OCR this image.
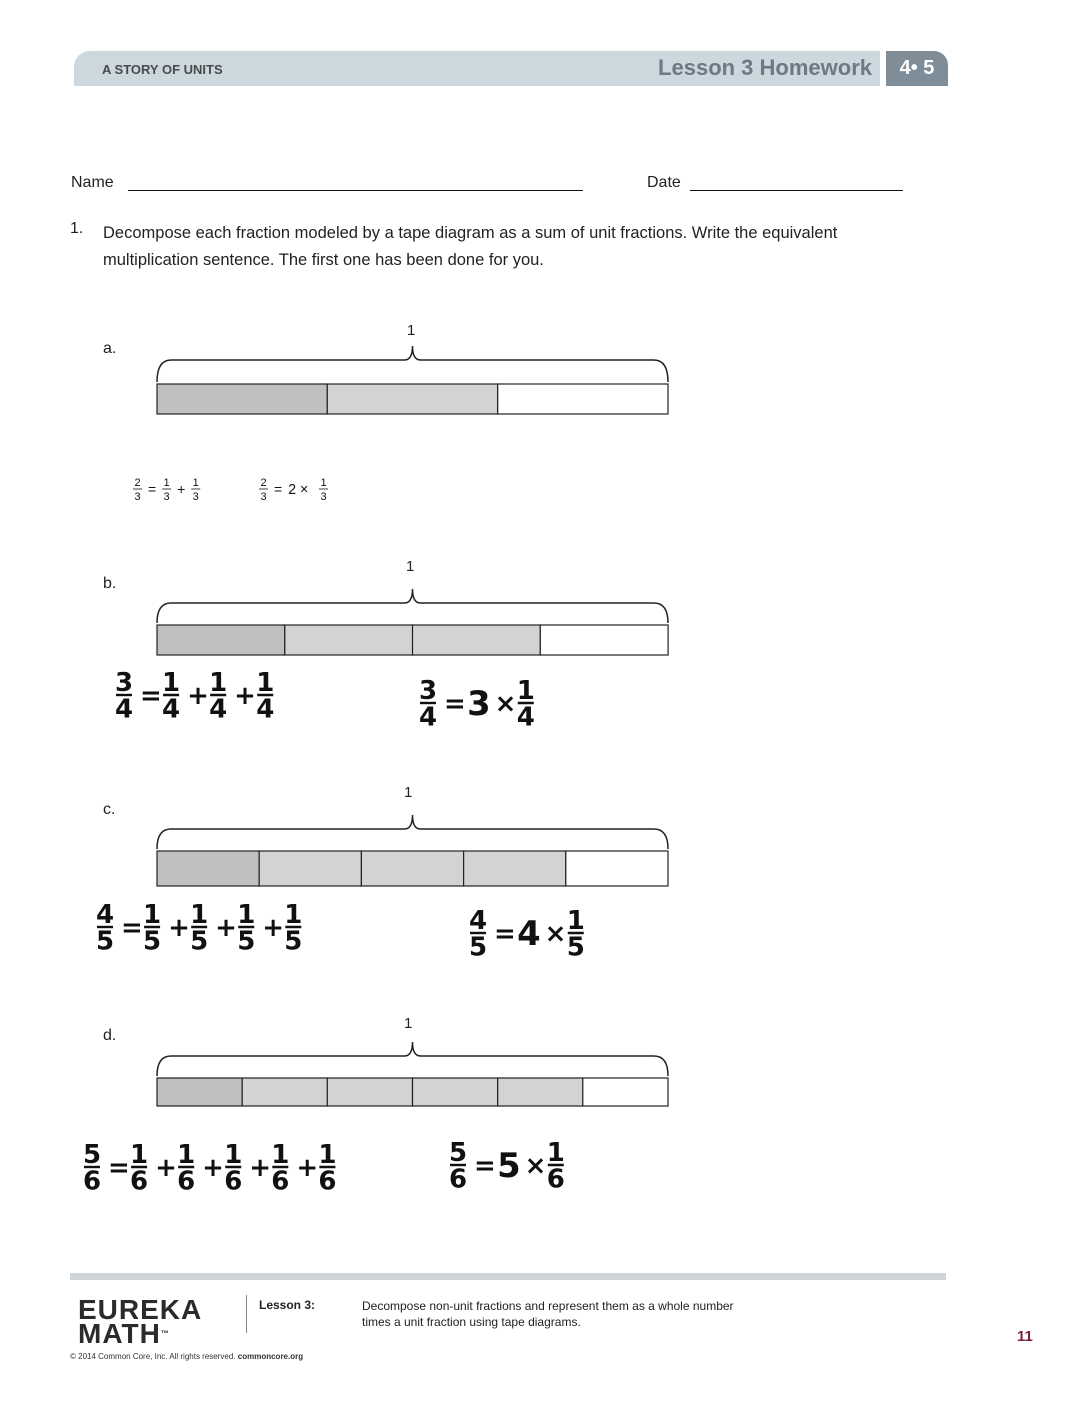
A STORY OF UNITS	Lesson 3 Homework	4• 5
Name	Date
1. Decompose each fraction modeled by a tape diagram as a sum of unit fractions. Write the equivalent multiplication sentence. The first one has been done for you.
a.
b.
c.
d.
1
1
1
1
3
4 = 1
4 + 1
4 + 1
4
3
4 = 3 × 1
4
4
5 = 1
5 + 1
5 + 1
5 + 1
5
4
5 = 4 × 1
5
5
6 = 1
6 + 1
6 + 1
6 + 1
6 + 1
6
5
6 = 5 × 1
6
2
3
= 1
3
+ 1
3
2
3
= 2 × 1
3
EUREKA
MATH™
Lesson 3:	Decompose non-unit fractions and represent them as a whole number times a unit fraction using tape diagrams.
© 2014 Common Core, Inc. All rights reserved. commoncore.org
11
